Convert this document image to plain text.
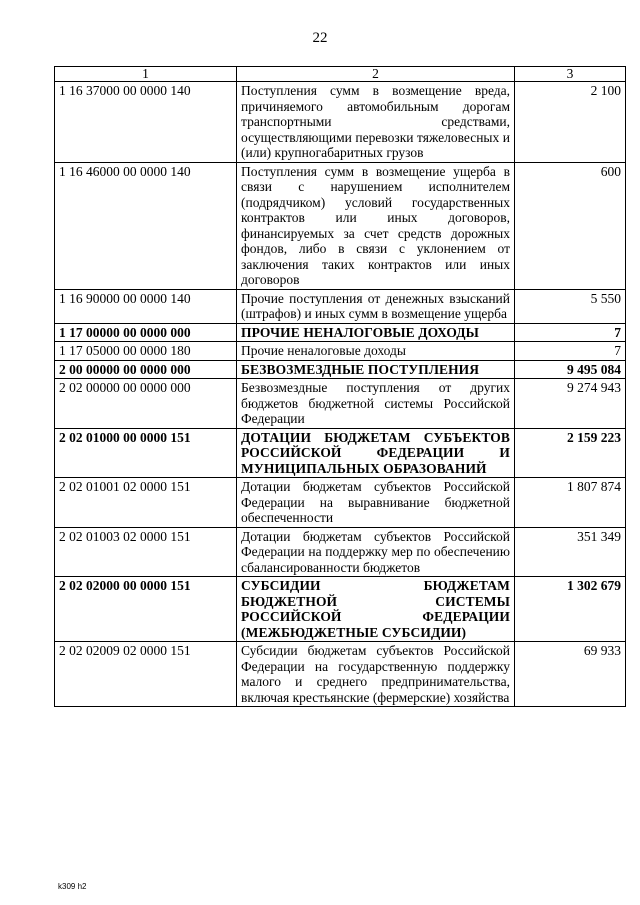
22
1	2	3
1 16 37000 00 0000 140	Поступления сумм в возмещение вреда, причиняемого автомобильным дорогам транспортными средствами, осуществляющими перевозки тяжеловесных и (или) крупногабаритных грузов	2 100
1 16 46000 00 0000 140	Поступления сумм в возмещение ущерба в связи с нарушением исполнителем (подрядчиком) условий государственных контрактов или иных договоров, финансируемых за счет средств дорожных фондов, либо в связи с уклонением от заключения таких контрактов или иных договоров	600
1 16 90000 00 0000 140	Прочие поступления от денежных взысканий (штрафов) и иных сумм в возмещение ущерба	5 550
1 17 00000 00 0000 000	ПРОЧИЕ НЕНАЛОГОВЫЕ ДОХОДЫ	7
1 17 05000 00 0000 180	Прочие неналоговые доходы	7
2 00 00000 00 0000 000	БЕЗВОЗМЕЗДНЫЕ ПОСТУПЛЕНИЯ	9 495 084
2 02 00000 00 0000 000	Безвозмездные поступления от других бюджетов бюджетной системы Российской Федерации	9 274 943
2 02 01000 00 0000 151	ДОТАЦИИ БЮДЖЕТАМ СУБЪЕКТОВ РОССИЙСКОЙ ФЕДЕРАЦИИ И МУНИЦИПАЛЬНЫХ ОБРАЗОВАНИЙ	2 159 223
2 02 01001 02 0000 151	Дотации бюджетам субъектов Российской Федерации на выравнивание бюджетной обеспеченности	1 807 874
2 02 01003 02 0000 151	Дотации бюджетам субъектов Российской Федерации на поддержку мер по обеспечению сбалансированности бюджетов	351 349
2 02 02000 00 0000 151	СУБСИДИИ БЮДЖЕТАМ БЮДЖЕТНОЙ СИСТЕМЫ РОССИЙСКОЙ ФЕДЕРАЦИИ (МЕЖБЮДЖЕТНЫЕ СУБСИДИИ)	1 302 679
2 02 02009 02 0000 151	Субсидии бюджетам субъектов Российской Федерации на государственную поддержку малого и среднего предпринимательства, включая крестьянские (фермерские) хозяйства	69 933
k309 h2
